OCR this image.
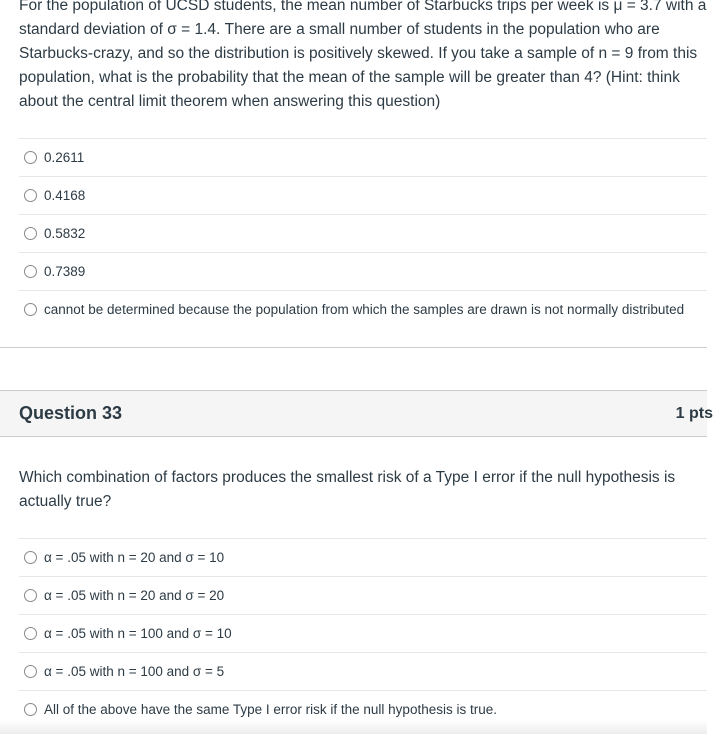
For the population of UCSD students, the mean number of Starbucks trips per week is μ = 3.7 with a standard deviation of σ = 1.4. There are a small number of students in the population who are Starbucks-crazy, and so the distribution is positively skewed. If you take a sample of n = 9 from this population, what is the probability that the mean of the sample will be greater than 4? (Hint: think about the central limit theorem when answering this question)

0.2611
0.4168
0.5832
0.7389
cannot be determined because the population from which the samples are drawn is not normally distributed
Question 33	1 pts

Which combination of factors produces the smallest risk of a Type I error if the null hypothesis is actually true?

α = .05 with n = 20 and σ = 10
α = .05 with n = 20 and σ = 20
α = .05 with n = 100 and σ = 10
α = .05 with n = 100 and σ = 5
All of the above have the same Type I error risk if the null hypothesis is true.
